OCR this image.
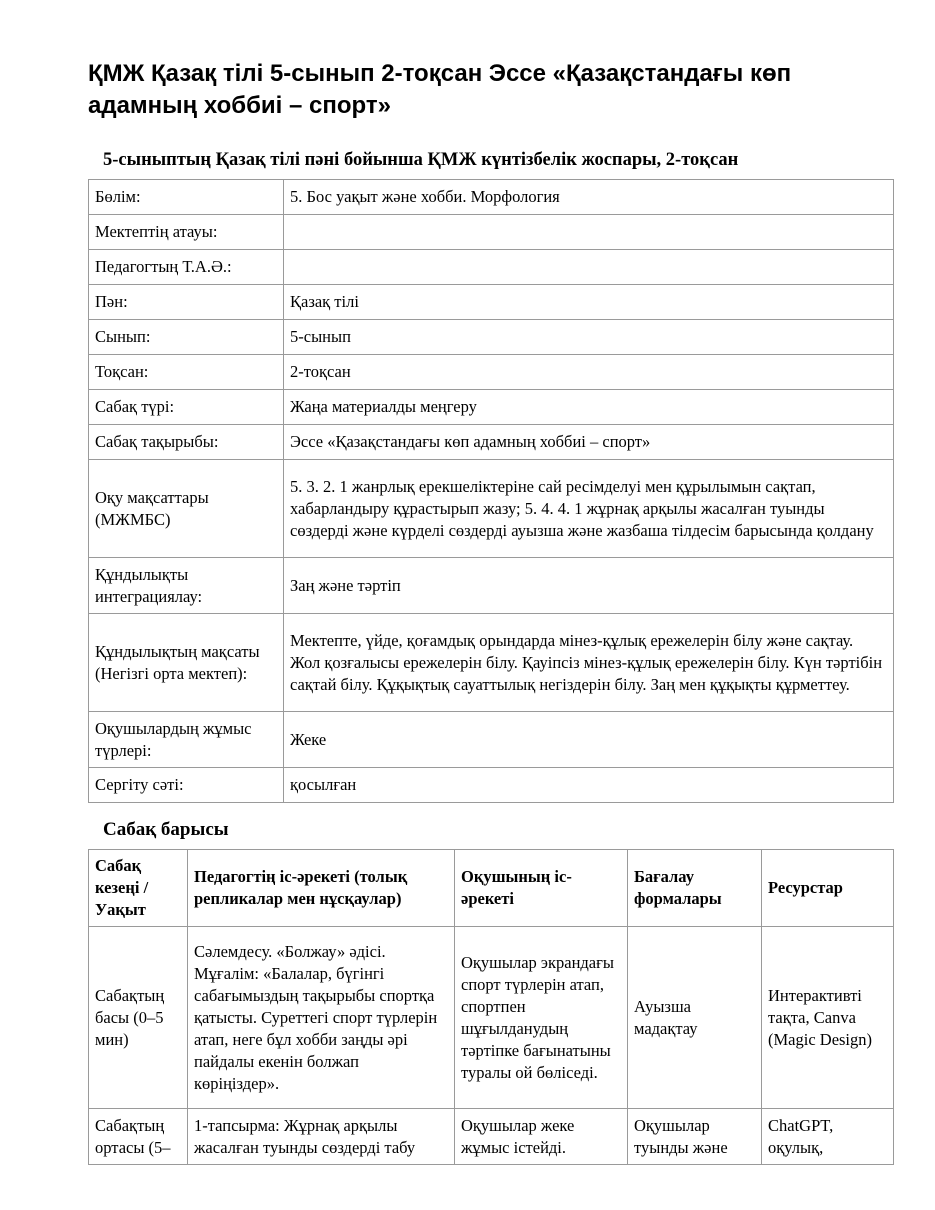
ҚМЖ Қазақ тілі 5-сынып 2-тоқсан Эссе «Қазақстандағы көп адамның хоббиі – спорт»

5-сыныптың Қазақ тілі пәні бойынша ҚМЖ күнтізбелік жоспары, 2-тоқсан

Бөлім:	5. Бос уақыт және хобби. Морфология
Мектептің атауы:	
Педагогтың Т.А.Ә.:	
Пән:	Қазақ тілі
Сынып:	5-сынып
Тоқсан:	2-тоқсан
Сабақ түрі:	Жаңа материалды меңгеру
Сабақ тақырыбы:	Эссе «Қазақстандағы көп адамның хоббиі – спорт»
Оқу мақсаттары (МЖМБС)	5. 3. 2. 1 жанрлық ерекшеліктеріне сай ресімделуі мен құрылымын сақтап, хабарландыру құрастырып жазу; 5. 4. 4. 1 жұрнақ арқылы жасалған туынды сөздерді және күрделі сөздерді ауызша және жазбаша тілдесім барысында қолдану
Құндылықты интеграциялау:	Заң және тәртіп
Құндылықтың мақсаты (Негізгі орта мектеп):	Мектепте, үйде, қоғамдық орындарда мінез-құлық ережелерін білу және сақтау. Жол қозғалысы ережелерін білу. Қауіпсіз мінез-құлық ережелерін білу. Күн тәртібін сақтай білу. Құқықтық сауаттылық негіздерін білу. Заң мен құқықты құрметтеу.
Оқушылардың жұмыс түрлері:	Жеке
Сергіту сәті:	қосылған

Сабақ барысы

Сабақ кезеңі / Уақыт	Педагогтің іс-әрекеті (толық репликалар мен нұсқаулар)	Оқушының іс-әрекеті	Бағалау формалары	Ресурстар
Сабақтың басы (0–5 мин)	Сәлемдесу. «Болжау» әдісі. Мұғалім: «Балалар, бүгінгі сабағымыздың тақырыбы спортқа қатысты. Суреттегі спорт түрлерін атап, неге бұл хобби заңды әрі пайдалы екенін болжап көріңіздер».	Оқушылар экрандағы спорт түрлерін атап, спортпен шұғылданудың тәртіпке бағынатыны туралы ой бөліседі.	Ауызша мадақтау	Интерактивті тақта, Canva (Magic Design)
Сабақтың ортасы (5–	1-тапсырма: Жұрнақ арқылы жасалған туынды сөздерді табу	Оқушылар жеке жұмыс істейді.	Оқушылар туынды және	ChatGPT, оқулық,
